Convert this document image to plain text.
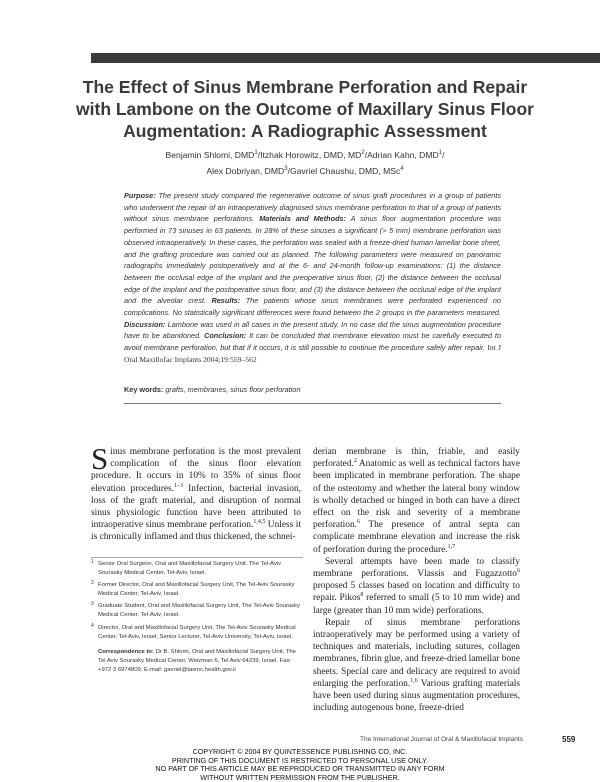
The Effect of Sinus Membrane Perforation and Repair with Lambone on the Outcome of Maxillary Sinus Floor Augmentation: A Radiographic Assessment
Benjamin Shlomi, DMD$^1$/Itzhak Horowitz, DMD, $MD^2$/Adrian Kahn, DMD$^1$/
Alex Dobriyan, DMD$^3$/Gavriel Chaushu, DMD, MSc$^4$
Purpose: The present study compared the regenerative outcome of sinus graft procedures in a group of patients who underwent the repair of an intraoperatively diagnosed sinus membrane perforation to that of a group of patients without sinus membrane perforations. Materials and Methods: A sinus floor augmentation procedure was performed in 73 sinuses in 63 patients. In 28% of these sinuses a significant (> 5 mm) membrane perforation was observed intraoperatively. In these cases, the perforation was sealed with a freeze-dried human lamellar bone sheet, and the grafting procedure was carried out as planned. The following parameters were measured on panoramic radiographs immediately postoperatively and at the 6- and 24-month follow-up examinations: (1) the distance between the occlusal edge of the implant and the preoperative sinus floor, (2) the distance between the occlusal edge of the implant and the postoperative sinus floor, and (3) the distance between the occlusal edge of the implant and the alveolar crest. Results: The patients whose sinus membranes were perforated experienced no complications. No statistically significant differences were found between the 2 groups in the parameters measured. Discussion: Lambone was used in all cases in the present study. In no case did the sinus augmentation procedure have to be abandoned. Conclusion: It can be concluded that membrane elevation must be carefully executed to avoid membrane perforation, but that if it occurs, it is still possible to continue the procedure safely after repair. Int J Oral Maxillofac Implants 2004;19:559–562
Key words: grafts, membranes, sinus floor perforation

Sinus membrane perforation is the most prevalent complication of the sinus floor elevation procedure. It occurs in 10% to 35% of sinus floor elevation procedures.$^{1-3}$ Infection, bacterial invasion, loss of the graft material, and disruption of normal sinus physiologic function have been attributed to intraoperative sinus membrane perforation.$^{1,4,5}$ Unless it is chronically inflamed and thus thickened, the schnei-

derian membrane is thin, friable, and easily perforated.$^2$ Anatomic as well as technical factors have been implicated in membrane perforation. The shape of the osteotomy and whether the lateral bony window is wholly detached or hinged in both can have a direct effect on the risk and severity of a membrane perforation.$^6$ The presence of antral septa can complicate membrane elevation and increase the risk of perforation during the procedure.$^{1,7}$

Several attempts have been made to classify membrane perforations. Vlassis and Fugazzotto$^6$ proposed 5 classes based on location and difficulty to repair. Pikos$^8$ referred to small (5 to 10 mm wide) and large (greater than 10 mm wide) perforations.

Repair of sinus membrane perforations intraoperatively may be performed using a variety of techniques and materials, including sutures, collagen membranes, fibrin glue, and freeze-dried lamellar bone sheets. Special care and delicacy are required to avoid enlarging the perforation.$^{1,6}$ Various grafting materials have been used during sinus augmentation procedures, including autogenous bone, freeze-dried

1 Senior Oral Surgeon, Oral and Maxillofacial Surgery Unit, The Tel-Aviv Sourasky Medical Center, Tel-Aviv, Israel.
2 Former Director, Oral and Maxillofacial Surgery Unit, The Tel-Aviv Sourasky Medical Center, Tel-Aviv, Israel.
3 Graduate Student, Oral and Maxillofacial Surgery Unit, The Tel-Aviv Sourasky Medical Center, Tel-Aviv, Israel.
4 Director, Oral and Maxillofacial Surgery Unit, The Tel-Aviv Sourasky Medical Center, Tel-Aviv, Israel; Senior Lecturer, Tel-Aviv University, Tel-Aviv, Israel.
Correspondence to: Dr B. Shlomi, Oral and Maxillofacial Surgery Unit, The Tel Aviv Sourasky Medical Center, Weizman 6, Tel Aviv 64239, Israel. Fax: +972 3 6974809. E-mail: gavriel@tasmc.health.gov.il
The International Journal of Oral & Maxillofacial Implants	559
COPYRIGHT © 2004 BY QUINTESSENCE PUBLISHING CO, INC.
PRINTING OF THIS DOCUMENT IS RESTRICTED TO PERSONAL USE ONLY.
NO PART OF THIS ARTICLE MAY BE REPRODUCED OR TRANSMITTED IN ANY FORM
WITHOUT WRITTEN PERMISSION FROM THE PUBLISHER.
